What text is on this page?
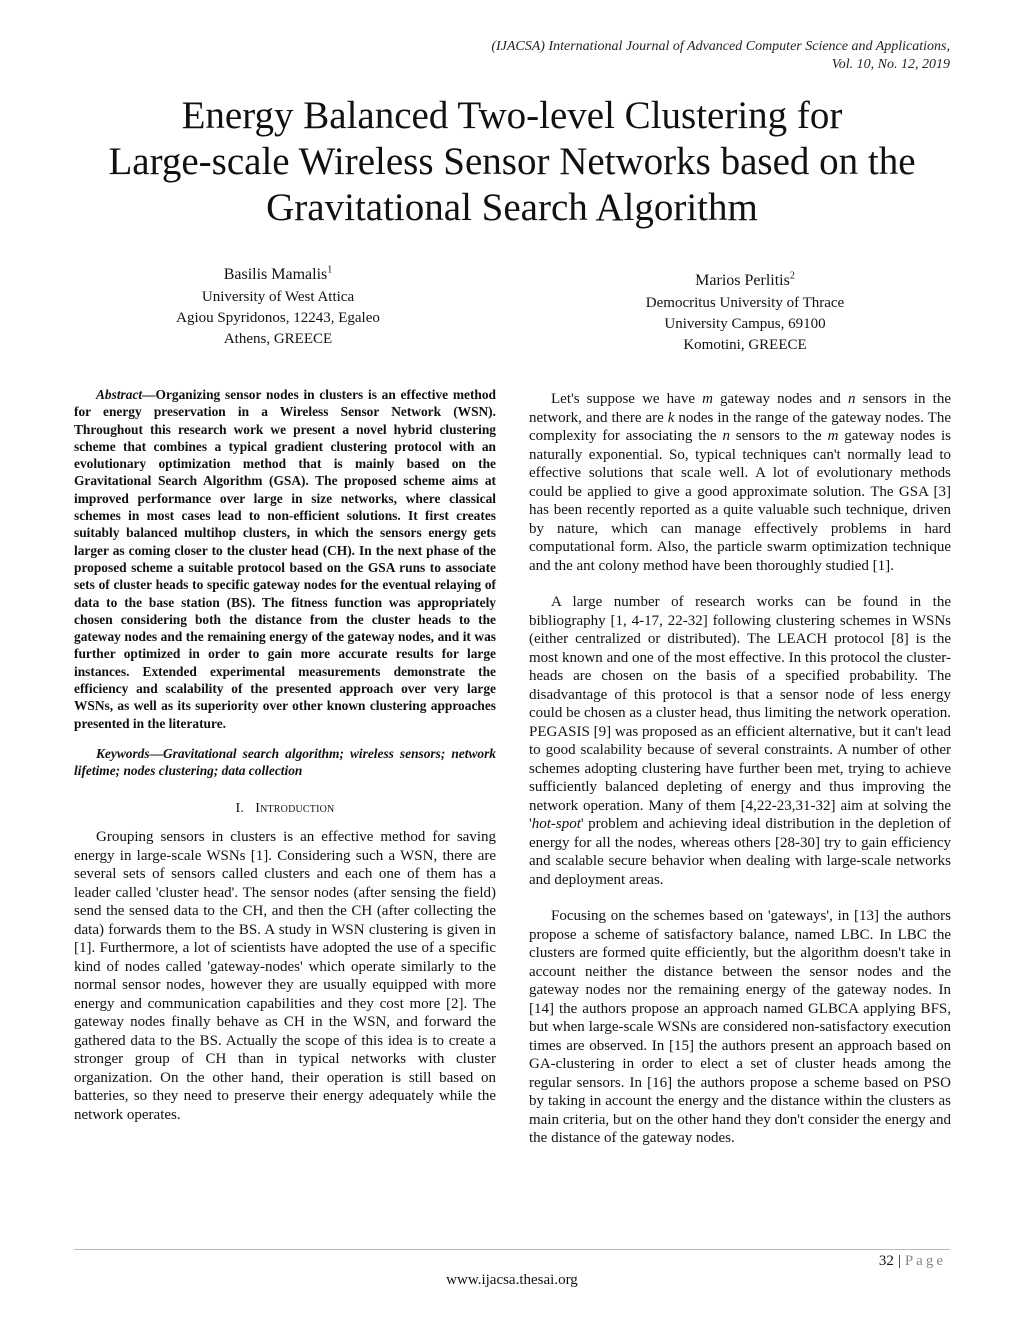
(IJACSA) International Journal of Advanced Computer Science and Applications,
Vol. 10, No. 12, 2019
Energy Balanced Two-level Clustering for
Large-scale Wireless Sensor Networks based on the
Gravitational Search Algorithm
Basilis Mamalis$^1$
University of West Attica
Agiou Spyridonos, 12243, Egaleo
Athens, GREECE
Marios Perlitis$^2$
Democritus University of Thrace
University Campus, 69100
Komotini, GREECE

Abstract—Organizing sensor nodes in clusters is an effective method for energy preservation in a Wireless Sensor Network (WSN). Throughout this research work we present a novel hybrid clustering scheme that combines a typical gradient clustering protocol with an evolutionary optimization method that is mainly based on the Gravitational Search Algorithm (GSA). The proposed scheme aims at improved performance over large in size networks, where classical schemes in most cases lead to non-efficient solutions. It first creates suitably balanced multihop clusters, in which the sensors energy gets larger as coming closer to the cluster head (CH). In the next phase of the proposed scheme a suitable protocol based on the GSA runs to associate sets of cluster heads to specific gateway nodes for the eventual relaying of data to the base station (BS). The fitness function was appropriately chosen considering both the distance from the cluster heads to the gateway nodes and the remaining energy of the gateway nodes, and it was further optimized in order to gain more accurate results for large instances. Extended experimental measurements demonstrate the efficiency and scalability of the presented approach over very large WSNs, as well as its superiority over other known clustering approaches presented in the literature.

Keywords—Gravitational search algorithm; wireless sensors; network lifetime; nodes clustering; data collection

I. Introduction

Grouping sensors in clusters is an effective method for saving energy in large-scale WSNs [1]. Considering such a WSN, there are several sets of sensors called clusters and each one of them has a leader called 'cluster head'. The sensor nodes (after sensing the field) send the sensed data to the CH, and then the CH (after collecting the data) forwards them to the BS. A study in WSN clustering is given in [1]. Furthermore, a lot of scientists have adopted the use of a specific kind of nodes called 'gateway-nodes' which operate similarly to the normal sensor nodes, however they are usually equipped with more energy and communication capabilities and they cost more [2]. The gateway nodes finally behave as CH in the WSN, and forward the gathered data to the BS. Actually the scope of this idea is to create a stronger group of CH than in typical networks with cluster organization. On the other hand, their operation is still based on batteries, so they need to preserve their energy adequately while the network operates.

Let's suppose we have m gateway nodes and n sensors in the network, and there are k nodes in the range of the gateway nodes. The complexity for associating the n sensors to the m gateway nodes is naturally exponential. So, typical techniques can't normally lead to effective solutions that scale well. A lot of evolutionary methods could be applied to give a good approximate solution. The GSA [3] has been recently reported as a quite valuable such technique, driven by nature, which can manage effectively problems in hard computational form. Also, the particle swarm optimization technique and the ant colony method have been thoroughly studied [1].

A large number of research works can be found in the bibliography [1, 4-17, 22-32] following clustering schemes in WSNs (either centralized or distributed). The LEACH protocol [8] is the most known and one of the most effective. In this protocol the cluster-heads are chosen on the basis of a specified probability. The disadvantage of this protocol is that a sensor node of less energy could be chosen as a cluster head, thus limiting the network operation. PEGASIS [9] was proposed as an efficient alternative, but it can't lead to good scalability because of several constraints. A number of other schemes adopting clustering have further been met, trying to achieve sufficiently balanced depleting of energy and thus improving the network operation. Many of them [4,22-23,31-32] aim at solving the 'hot-spot' problem and achieving ideal distribution in the depletion of energy for all the nodes, whereas others [28-30] try to gain efficiency and scalable secure behavior when dealing with large-scale networks and deployment areas.

Focusing on the schemes based on 'gateways', in [13] the authors propose a scheme of satisfactory balance, named LBC. In LBC the clusters are formed quite efficiently, but the algorithm doesn't take in account neither the distance between the sensor nodes and the gateway nodes nor the remaining energy of the gateway nodes. In [14] the authors propose an approach named GLBCA applying BFS, but when large-scale WSNs are considered non-satisfactory execution times are observed. In [15] the authors present an approach based on GA-clustering in order to elect a set of cluster heads among the regular sensors. In [16] the authors propose a scheme based on PSO by taking in account the energy and the distance within the clusters as main criteria, but on the other hand they don't consider the energy and the distance of the gateway nodes.

32 | Page
www.ijacsa.thesai.org
